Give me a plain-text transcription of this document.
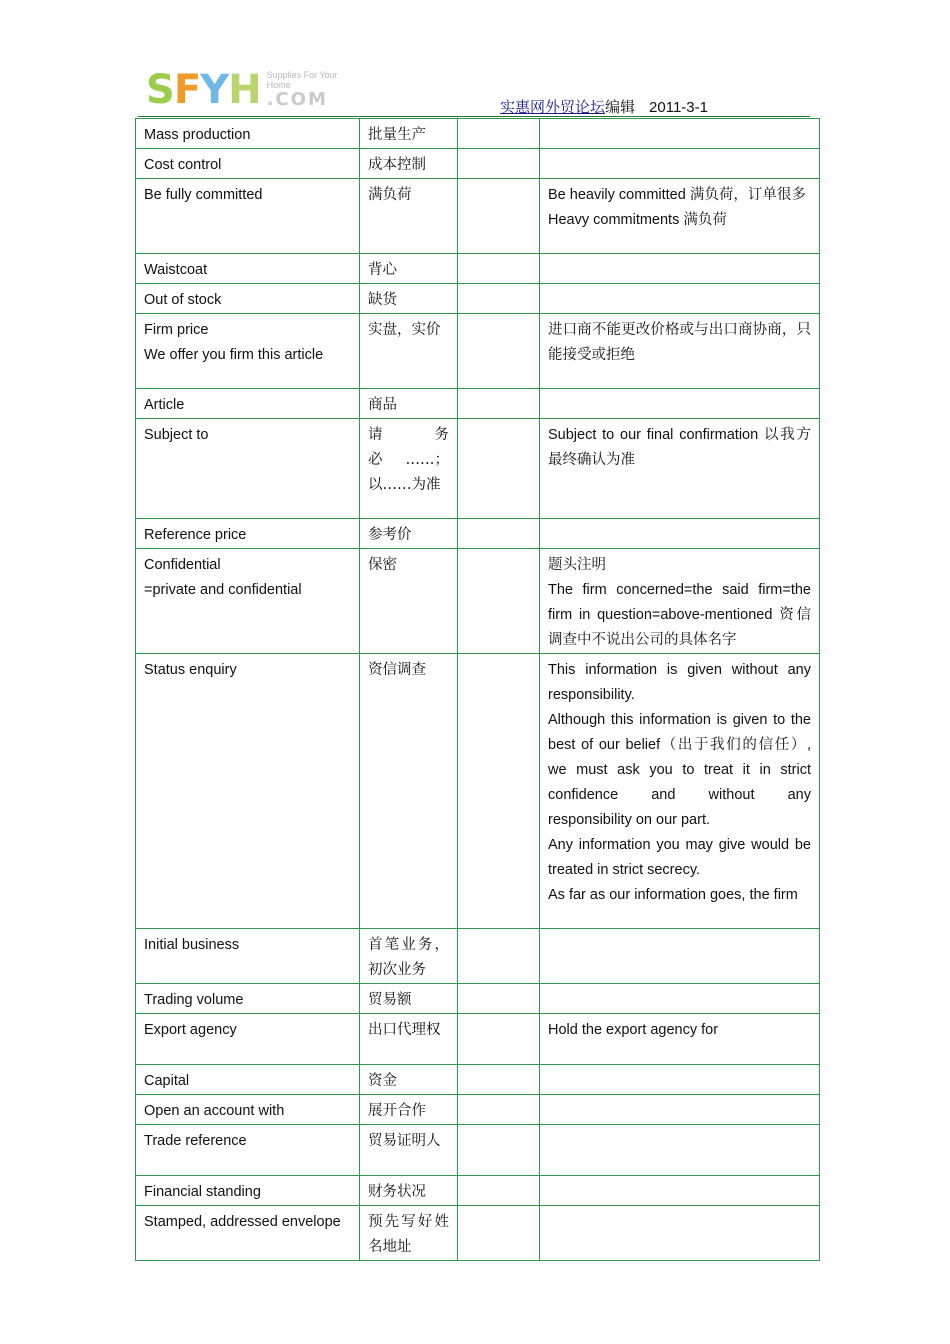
S F Y H Supplies For Your Home
.COM	实惠网外贸论坛编辑 2011-3-1
Mass production	批量生产		

Cost control	成本控制		

Be fully committed	满负荷		Be heavily committed 满负荷，订单很多
Heavy commitments 满负荷

Waistcoat	背心		

Out of stock	缺货		

Firm price
We offer you firm this article	实盘，实价		进口商不能更改价格或与出口商协商，只能接受或拒绝

Article	商品		

Subject to	请务必……；以……为准		Subject to our final confirmation 以我方最终确认为准

Reference price	参考价		

Confidential
=private and confidential	保密		题头注明
The firm concerned=the said firm=the firm in question=above-mentioned 资信调查中不说出公司的具体名字

Status enquiry	资信调查		This information is given without any responsibility.
Although this information is given to the best of our belief（出于我们的信任）, we must ask you to treat it in strict confidence and without any responsibility on our part.
Any information you may give would be treated in strict secrecy.
As far as our information goes, the firm

Initial business	首笔业务，初次业务		

Trading volume	贸易额		

Export agency	出口代理权		Hold the export agency for

Capital	资金		

Open an account with	展开合作		

Trade reference	贸易证明人		

Financial standing	财务状况		

Stamped, addressed envelope	预先写好姓名地址		
